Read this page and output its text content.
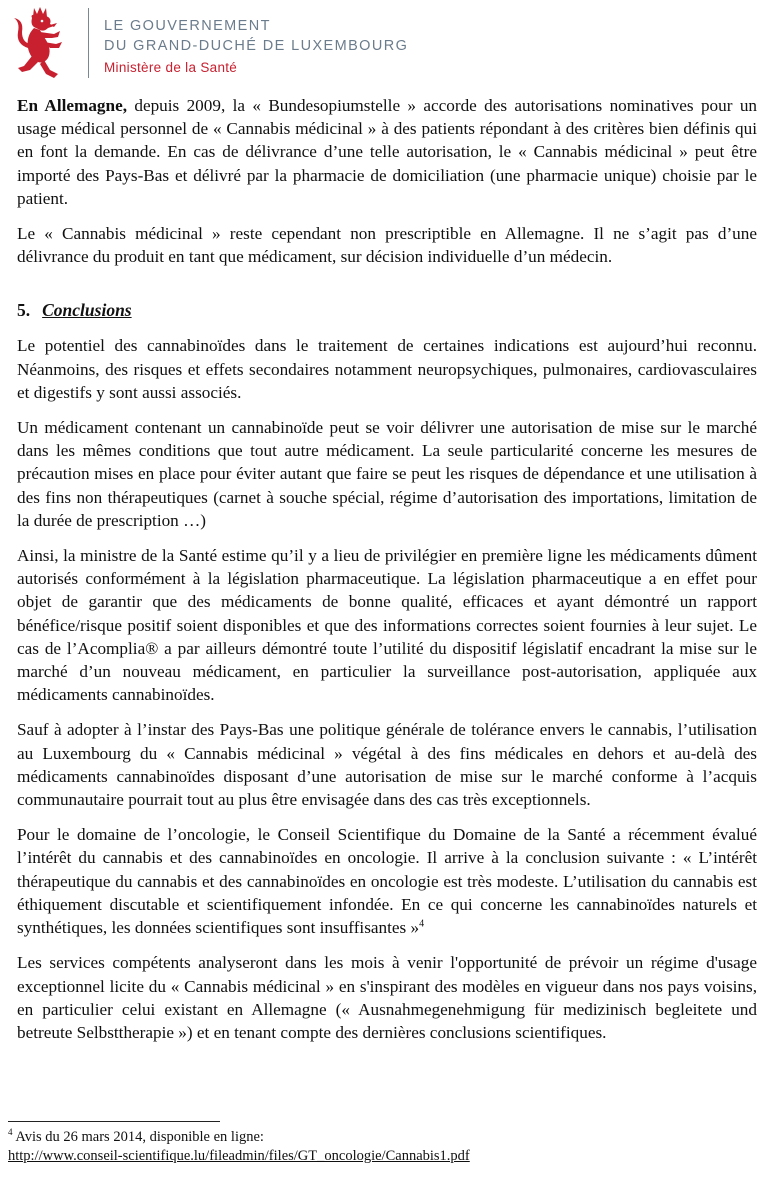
LE GOUVERNEMENT
DU GRAND-DUCHÉ DE LUXEMBOURG
Ministère de la Santé

En Allemagne, depuis 2009, la « Bundesopiumstelle » accorde des autorisations nominatives pour un usage médical personnel de « Cannabis médicinal » à des patients répondant à des critères bien définis qui en font la demande. En cas de délivrance d’une telle autorisation, le « Cannabis médicinal » peut être importé des Pays-Bas et délivré par la pharmacie de domiciliation (une pharmacie unique) choisie par le patient.

Le « Cannabis médicinal » reste cependant non prescriptible en Allemagne. Il ne s’agit pas d’une délivrance du produit en tant que médicament, sur décision individuelle d’un médecin.

5. Conclusions

Le potentiel des cannabinoïdes dans le traitement de certaines indications est aujourd’hui reconnu. Néanmoins, des risques et effets secondaires notamment neuropsychiques, pulmonaires, cardiovasculaires et digestifs y sont aussi associés.

Un médicament contenant un cannabinoïde peut se voir délivrer une autorisation de mise sur le marché dans les mêmes conditions que tout autre médicament. La seule particularité concerne les mesures de précaution mises en place pour éviter autant que faire se peut les risques de dépendance et une utilisation à des fins non thérapeutiques (carnet à souche spécial, régime d’autorisation des importations, limitation de la durée de prescription …)

Ainsi, la ministre de la Santé estime qu’il y a lieu de privilégier en première ligne les médicaments dûment autorisés conformément à la législation pharmaceutique. La législation pharmaceutique a en effet pour objet de garantir que des médicaments de bonne qualité, efficaces et ayant démontré un rapport bénéfice/risque positif soient disponibles et que des informations correctes soient fournies à leur sujet. Le cas de l’Acomplia® a par ailleurs démontré toute l’utilité du dispositif législatif encadrant la mise sur le marché d’un nouveau médicament, en particulier la surveillance post-autorisation, appliquée aux médicaments cannabinoïdes.

Sauf à adopter à l’instar des Pays-Bas une politique générale de tolérance envers le cannabis, l’utilisation au Luxembourg du « Cannabis médicinal » végétal à des fins médicales en dehors et au-delà des médicaments cannabinoïdes disposant d’une autorisation de mise sur le marché conforme à l’acquis communautaire pourrait tout au plus être envisagée dans des cas très exceptionnels.

Pour le domaine de l’oncologie, le Conseil Scientifique du Domaine de la Santé a récemment évalué l’intérêt du cannabis et des cannabinoïdes en oncologie. Il arrive à la conclusion suivante : « L’intérêt thérapeutique du cannabis et des cannabinoïdes en oncologie est très modeste. L’utilisation du cannabis est éthiquement discutable et scientifiquement infondée. En ce qui concerne les cannabinoïdes naturels et synthétiques, les données scientifiques sont insuffisantes »$^4$

Les services compétents analyseront dans les mois à venir l'opportunité de prévoir un régime d'usage exceptionnel licite du « Cannabis médicinal » en s'inspirant des modèles en vigueur dans nos pays voisins, en particulier celui existant en Allemagne (« Ausnahmegenehmigung für medizinisch begleitete und betreute Selbsttherapie ») et en tenant compte des dernières conclusions scientifiques.

$^4$ Avis du 26 mars 2014, disponible en ligne:
http://www.conseil-scientifique.lu/fileadmin/files/GT_oncologie/Cannabis1.pdf
